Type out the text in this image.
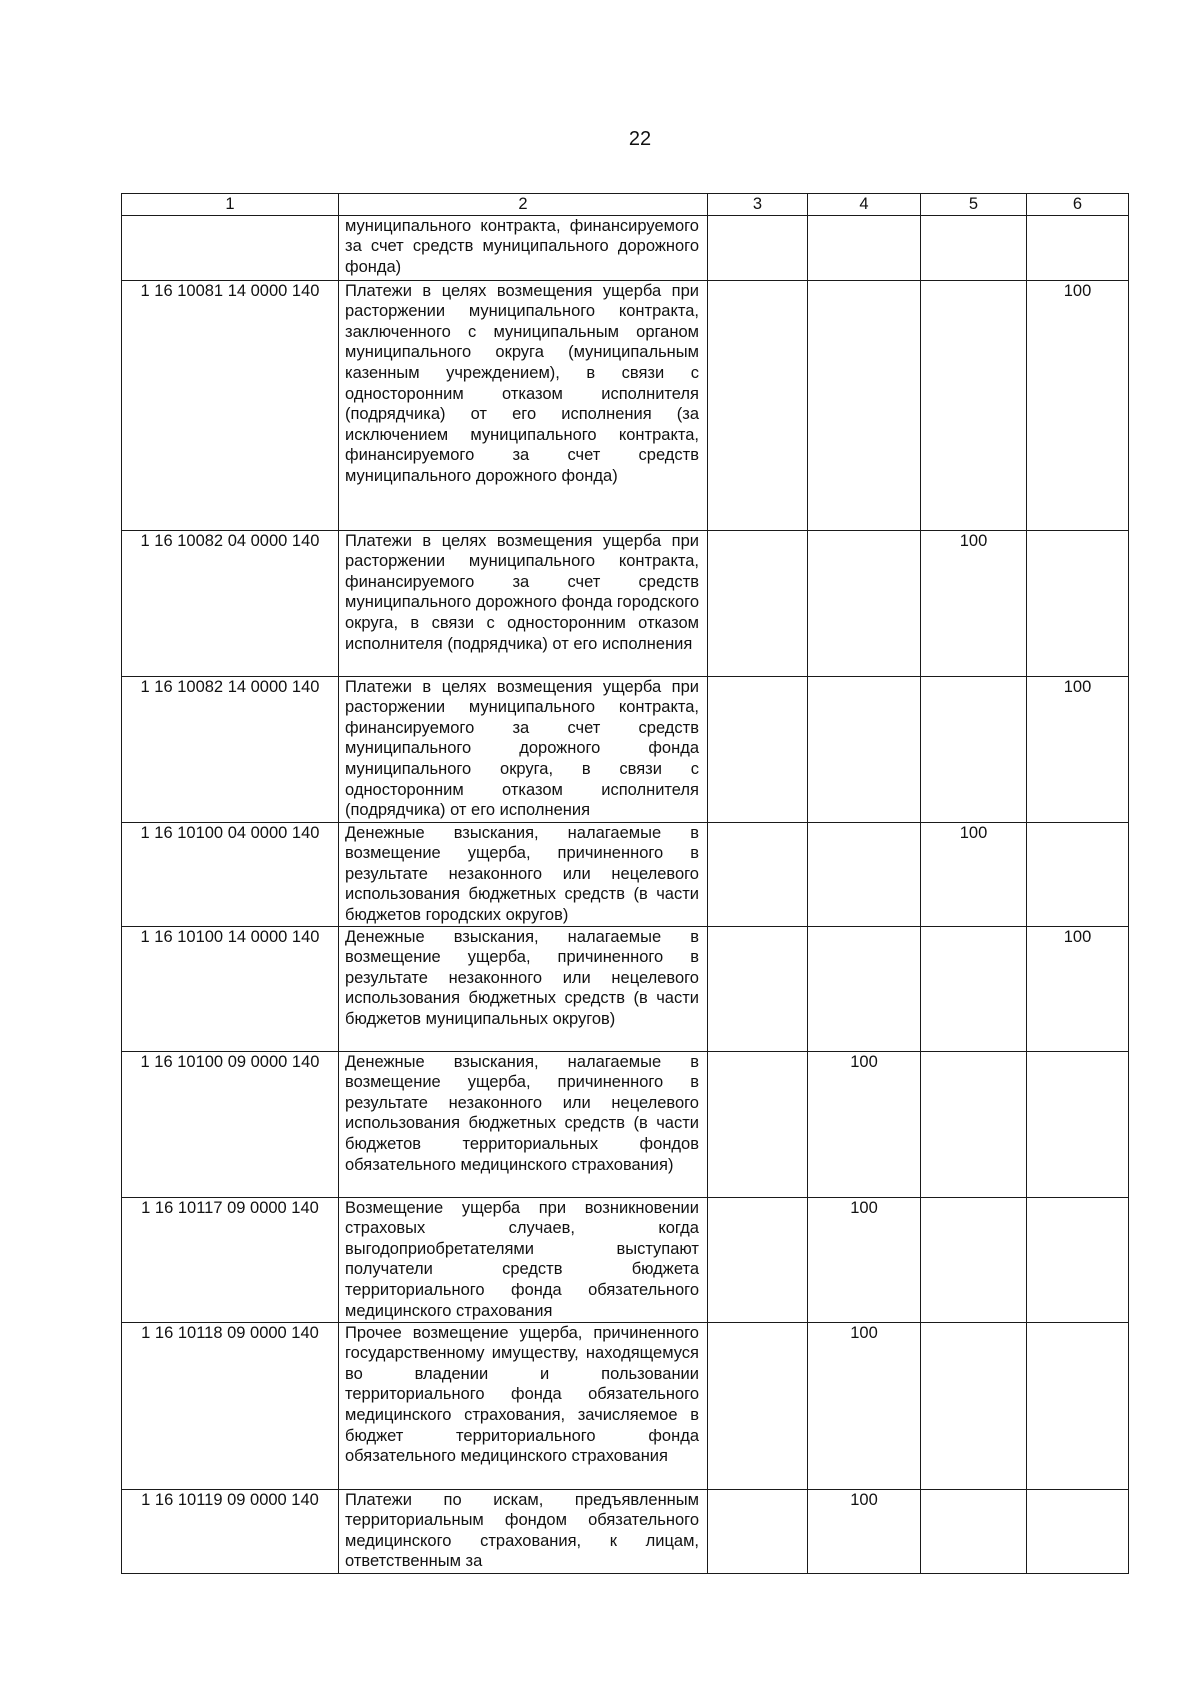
22
1	2	3	4	5	6

	муниципального контракта, финансируемого за счет средств муниципального дорожного фонда)				

1 16 10081 14 0000 140	Платежи в целях возмещения ущерба при расторжении муниципального контракта, заключенного с муниципальным органом муниципального округа (муниципальным казенным учреждением), в связи с односторонним отказом исполнителя (подрядчика) от его исполнения (за исключением муниципального контракта, финансируемого за счет средств муниципального дорожного фонда)				100
1 16 10082 04 0000 140	Платежи в целях возмещения ущерба при расторжении муниципального контракта, финансируемого за счет средств муниципального дорожного фонда городского округа, в связи с односторонним отказом исполнителя (подрядчика) от его исполнения			100	
1 16 10082 14 0000 140	Платежи в целях возмещения ущерба при расторжении муниципального контракта, финансируемого за счет средств муниципального дорожного фонда муниципального округа, в связи с односторонним отказом исполнителя (подрядчика) от его исполнения				100
1 16 10100 04 0000 140	Денежные взыскания, налагаемые в возмещение ущерба, причиненного в результате незаконного или нецелевого использования бюджетных средств (в части бюджетов городских округов)			100	
1 16 10100 14 0000 140	Денежные взыскания, налагаемые в возмещение ущерба, причиненного в результате незаконного или нецелевого использования бюджетных средств (в части бюджетов муниципальных округов)				100
1 16 10100 09 0000 140	Денежные взыскания, налагаемые в возмещение ущерба, причиненного в результате незаконного или нецелевого использования бюджетных средств (в части бюджетов территориальных фондов обязательного медицинского страхования)		100		
1 16 10117 09 0000 140	Возмещение ущерба при возникновении страховых случаев, когда выгодоприобретателями выступают получатели средств бюджета территориального фонда обязательного медицинского страхования		100		
1 16 10118 09 0000 140	Прочее возмещение ущерба, причиненного государственному имуществу, находящемуся во владении и пользовании территориального фонда обязательного медицинского страхования, зачисляемое в бюджет территориального фонда обязательного медицинского страхования		100		
1 16 10119 09 0000 140	Платежи по искам, предъявленным территориальным фондом обязательного медицинского страхования, к лицам, ответственным за		100		
